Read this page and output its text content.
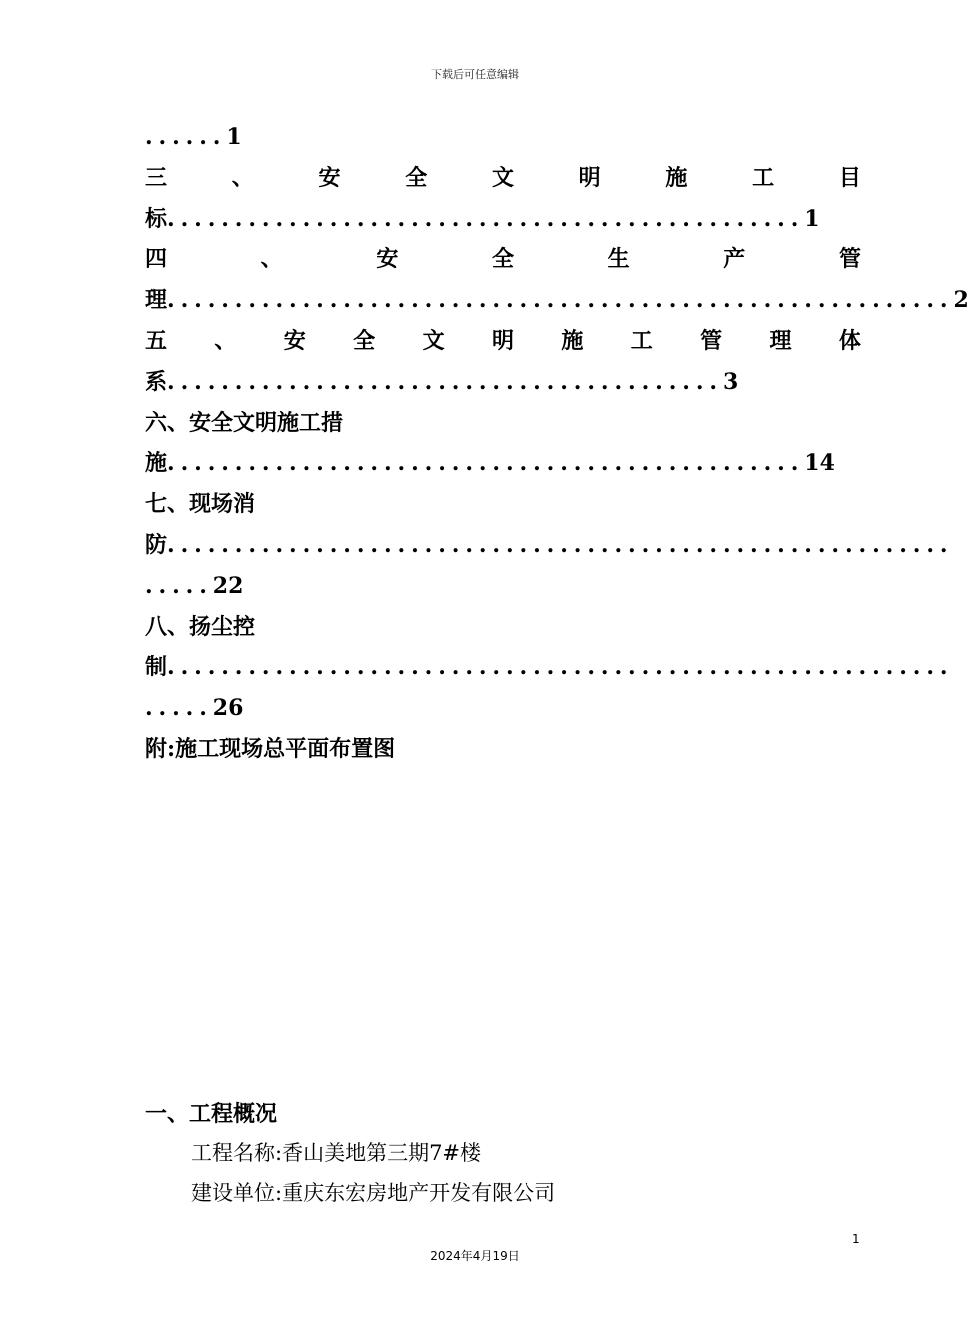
下载后可任意编辑
......1
三	、	安	全	文	明	施	工	目
标...............................................1
四	、	安	全	生	产	管
理..........................................................2
五 、 安 全 文 明 施 工 管 理 体
系.........................................3
六、安全文明施工措
施...............................................14
七、现场消
防..........................................................
.....22
八、扬尘控
制..........................................................
.....26
附:施工现场总平面布置图
一、工程概况
工程名称:香山美地第三期7#楼
建设单位:重庆东宏房地产开发有限公司
1
2024年4月19日
